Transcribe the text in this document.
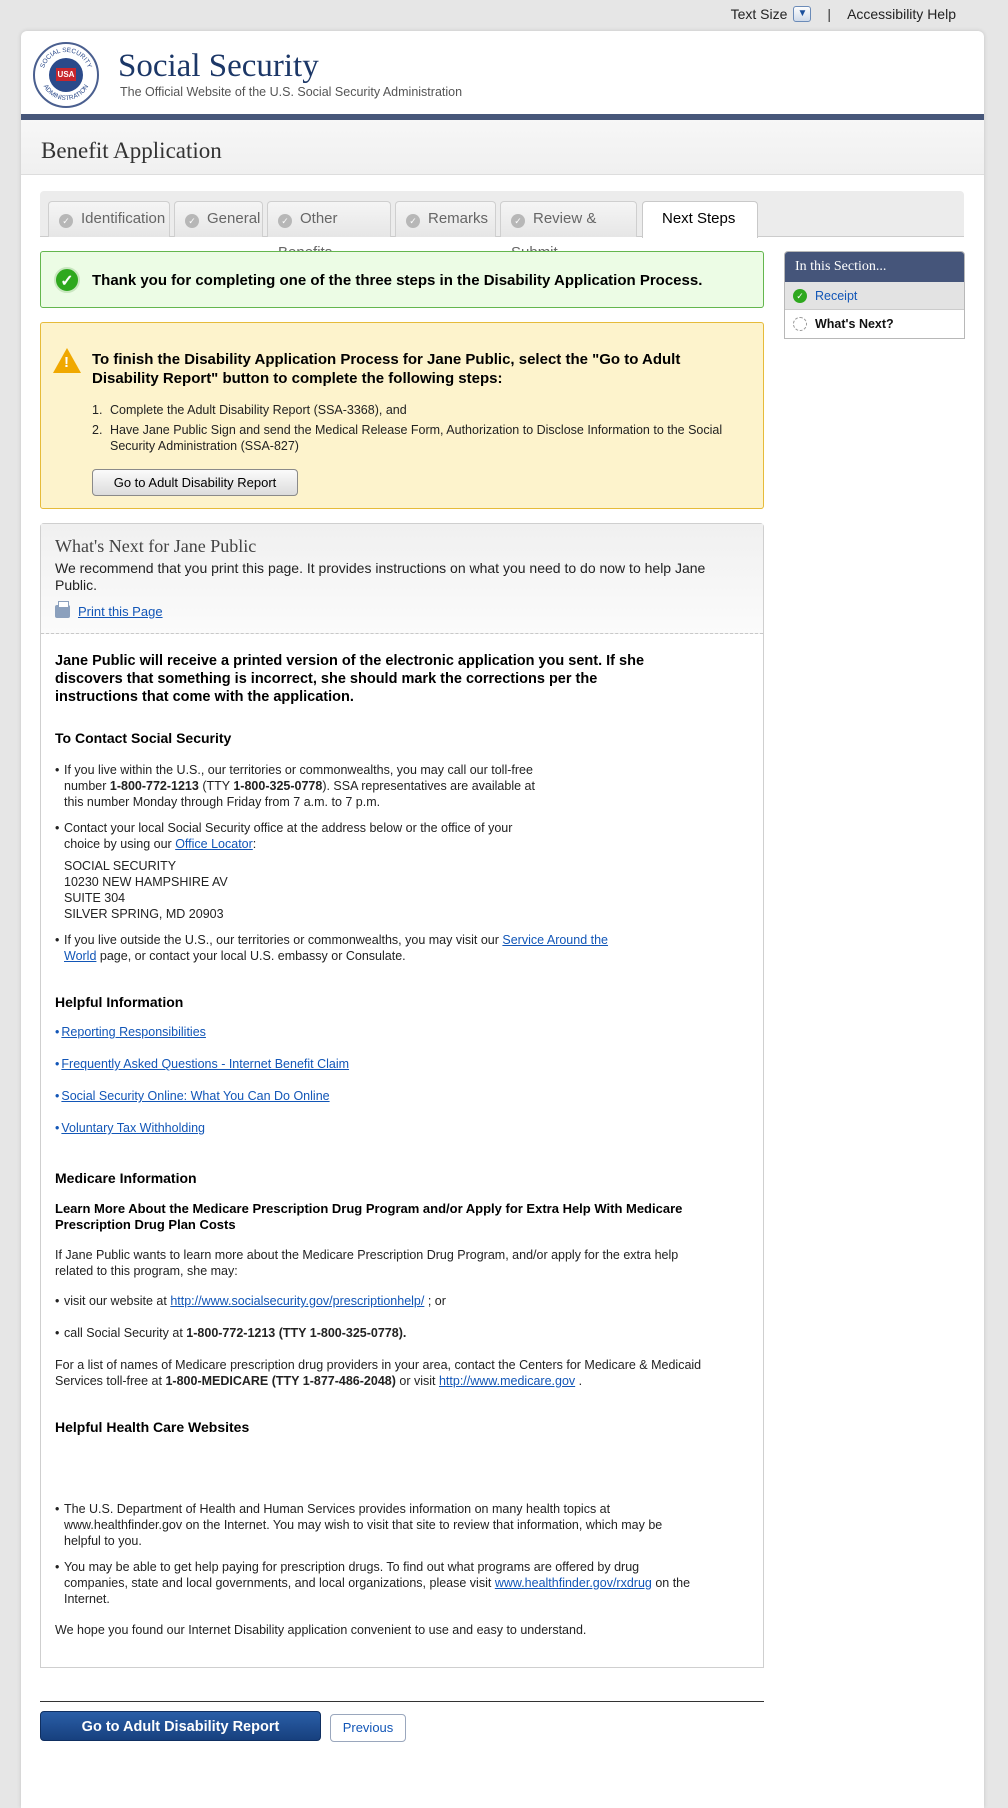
Text Size	▼ | Accessibility Help
SOCIAL SECURITY
ADMINISTRATION
USA Social Security
The Official Website of the U.S. Social Security Administration
Benefit Application
✓ Identification	✓ General	✓ Other	✓ Remarks	✓ Review &	Next Steps
✓	Thank you for completing one of the three steps in the Disability Application Process.
! To finish the Disability Application Process for Jane Public, select the "Go to Adult Disability Report" button to complete the following steps:
1. Complete the Adult Disability Report (SSA-3368), and
2. Have Jane Public Sign and send the Medical Release Form, Authorization to Disclose Information to the Social Security Administration (SSA-827)
Go to Adult Disability Report
What's Next for Jane Public
We recommend that you print this page. It provides instructions on what you need to do now to help Jane Public.
Print this Page
Jane Public will receive a printed version of the electronic application you sent. If she discovers that something is incorrect, she should mark the corrections per the instructions that come with the application.
To Contact Social Security
• If you live within the U.S., our territories or commonwealths, you may call our toll-free number 1-800-772-1213 (TTY 1-800-325-0778). SSA representatives are available at this number Monday through Friday from 7 a.m. to 7 p.m.
• Contact your local Social Security office at the address below or the office of your choice by using our Office Locator:
SOCIAL SECURITY
10230 NEW HAMPSHIRE AV
SUITE 304
SILVER SPRING, MD 20903
• If you live outside the U.S., our territories or commonwealths, you may visit our Service Around the World page, or contact your local U.S. embassy or Consulate.
Helpful Information
• Reporting Responsibilities
• Frequently Asked Questions - Internet Benefit Claim
• Social Security Online: What You Can Do Online
• Voluntary Tax Withholding
Medicare Information
Learn More About the Medicare Prescription Drug Program and/or Apply for Extra Help With Medicare Prescription Drug Plan Costs
If Jane Public wants to learn more about the Medicare Prescription Drug Program, and/or apply for the extra help related to this program, she may:
• visit our website at http://www.socialsecurity.gov/prescriptionhelp/ ; or
• call Social Security at 1-800-772-1213 (TTY 1-800-325-0778).
For a list of names of Medicare prescription drug providers in your area, contact the Centers for Medicare & Medicaid Services toll-free at 1-800-MEDICARE (TTY 1-877-486-2048) or visit http://www.medicare.gov .
Helpful Health Care Websites
• The U.S. Department of Health and Human Services provides information on many health topics at www.healthfinder.gov on the Internet. You may wish to visit that site to review that information, which may be helpful to you.
• You may be able to get help paying for prescription drugs. To find out what programs are offered by drug companies, state and local governments, and local organizations, please visit www.healthfinder.gov/rxdrug on the Internet.
We hope you found our Internet Disability application convenient to use and easy to understand.
In this Section...
✓ Receipt
What's Next?
Go to Adult Disability Report	Previous
